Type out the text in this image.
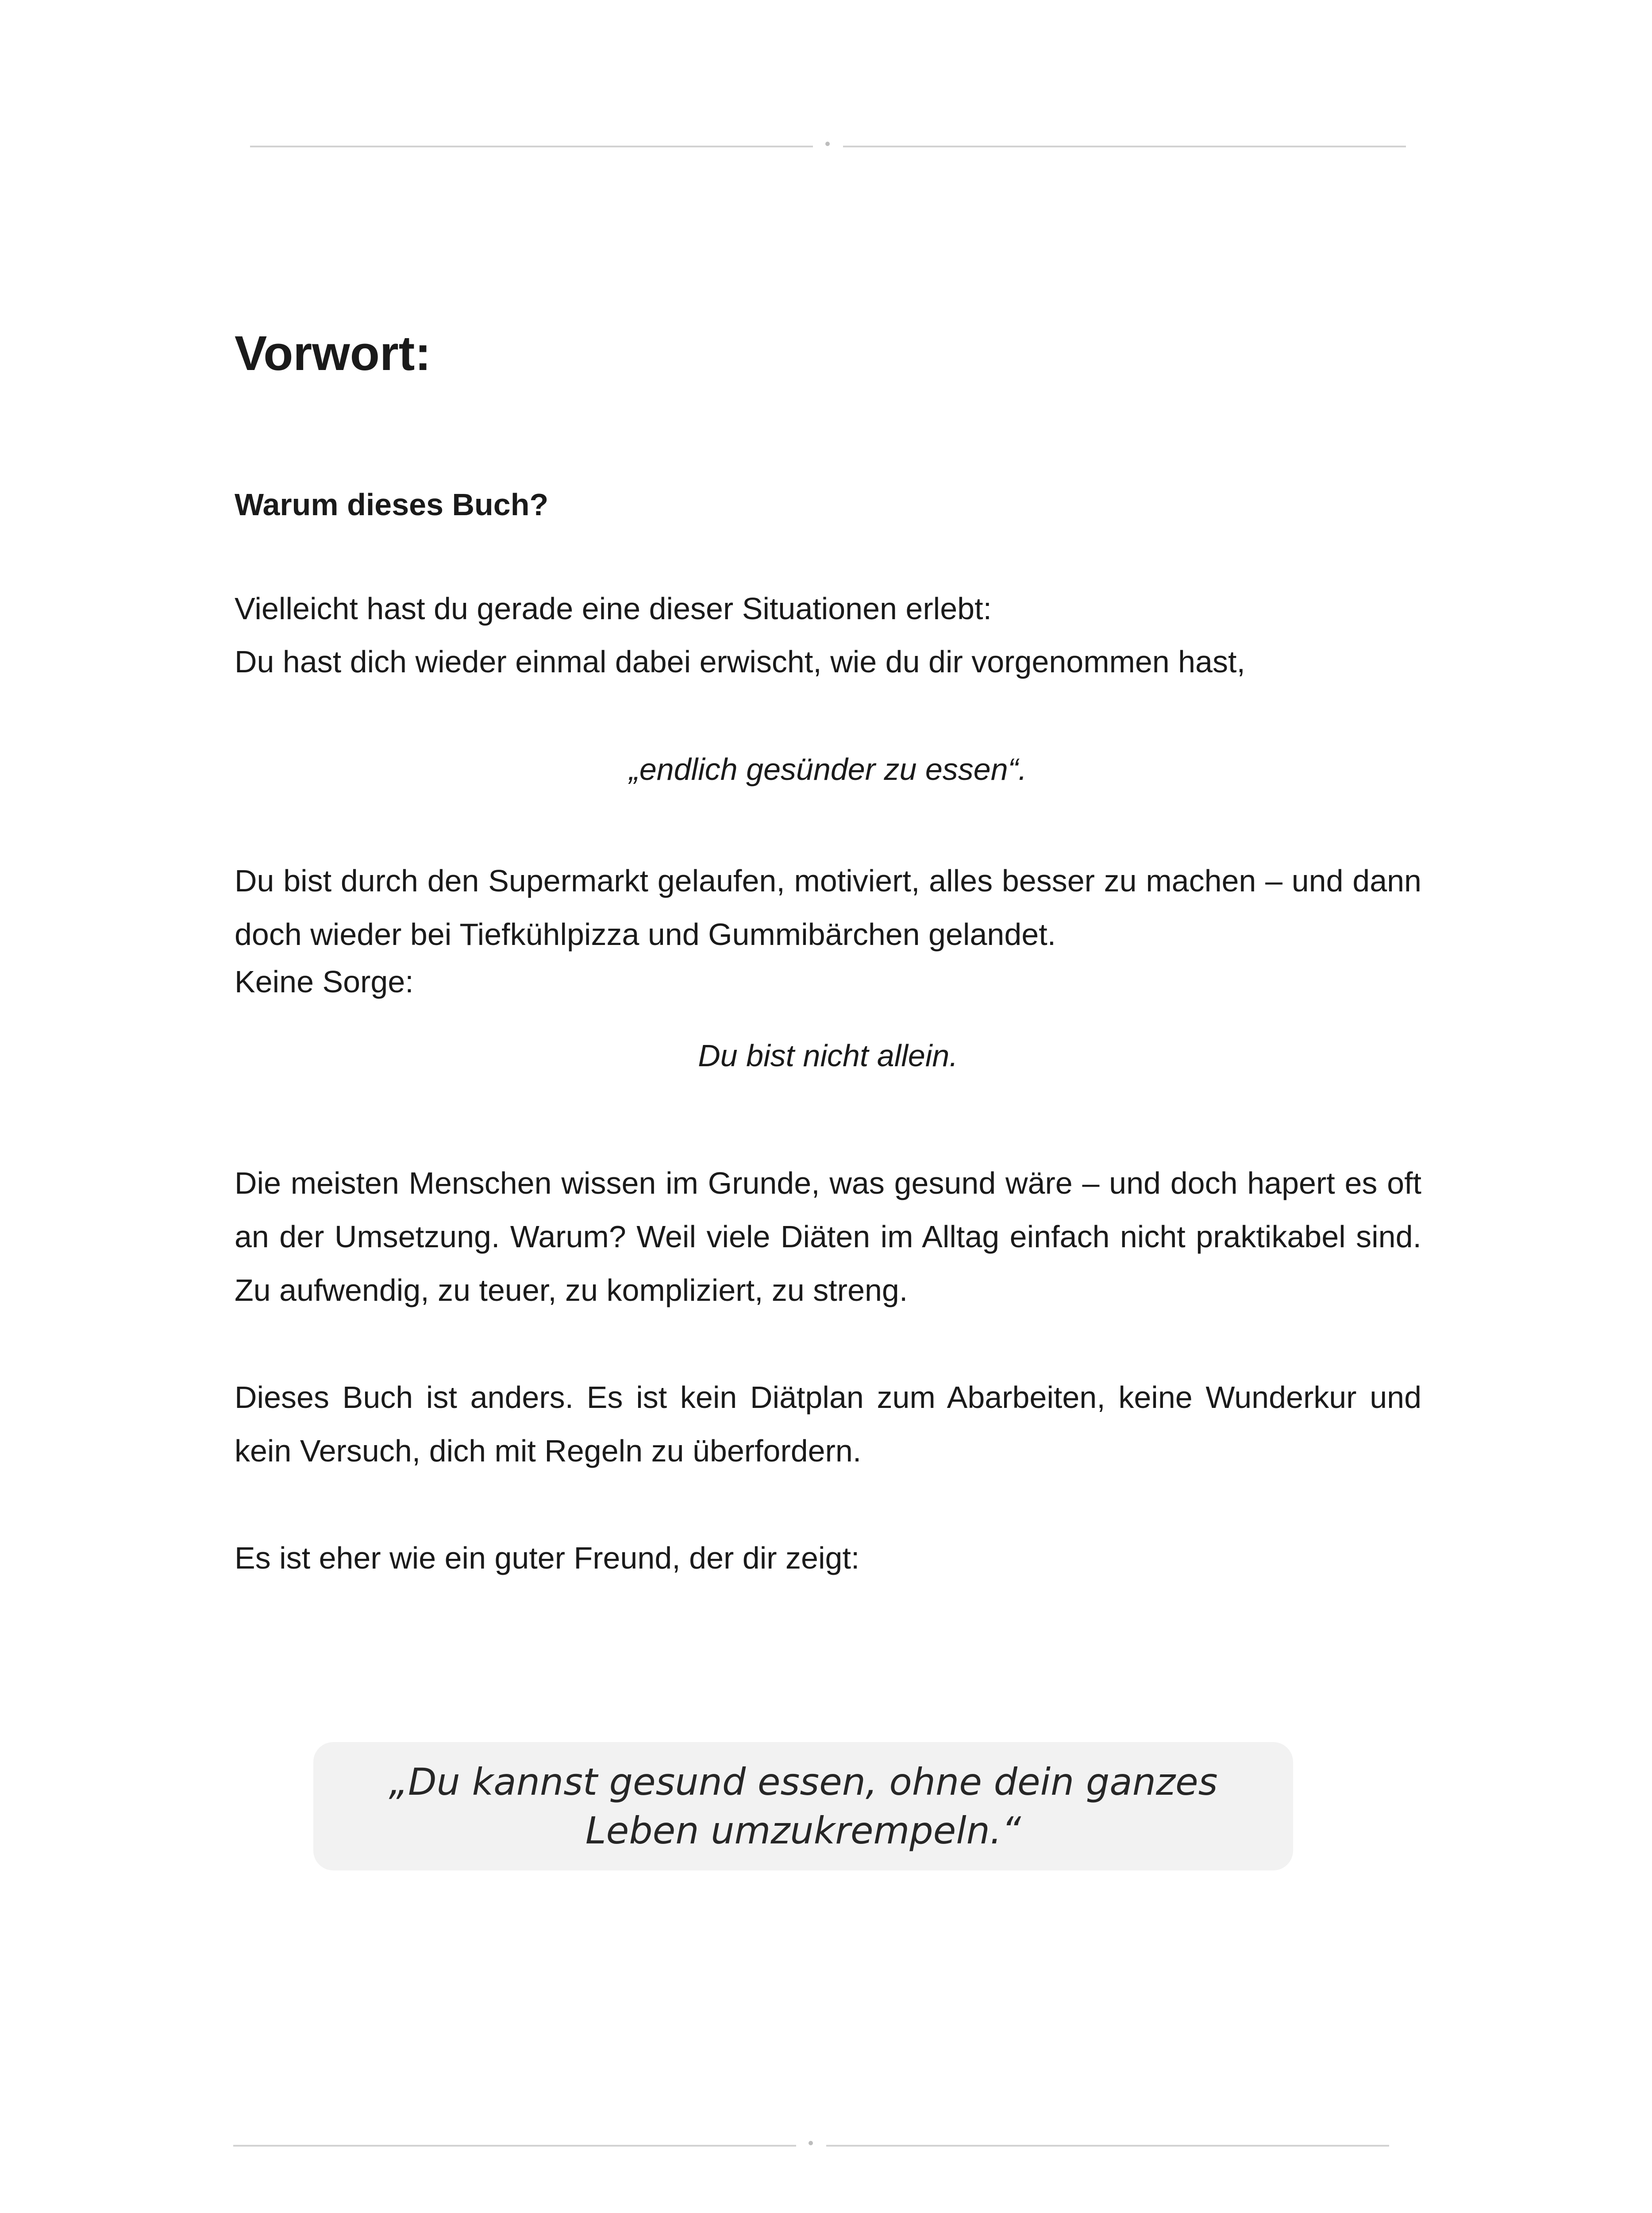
Vorwort:
Warum dieses Buch?

Vielleicht hast du gerade eine dieser Situationen erlebt:

Du hast dich wieder einmal dabei erwischt, wie du dir vorgenommen hast,

„endlich gesünder zu essen“.

Du bist durch den Supermarkt gelaufen, motiviert, alles besser zu machen – und dann doch wieder bei Tiefkühlpizza und Gummibärchen gelandet.

Keine Sorge:

Du bist nicht allein.

Die meisten Menschen wissen im Grunde, was gesund wäre – und doch hapert es oft an der Umsetzung. Warum? Weil viele Diäten im Alltag einfach nicht praktikabel sind. Zu aufwendig, zu teuer, zu kompliziert, zu streng.

Dieses Buch ist anders. Es ist kein Diätplan zum Abarbeiten, keine Wunderkur und kein Versuch, dich mit Regeln zu überfordern.

Es ist eher wie ein guter Freund, der dir zeigt:

„Du kannst gesund essen, ohne dein ganzes Leben umzukrempeln.“
